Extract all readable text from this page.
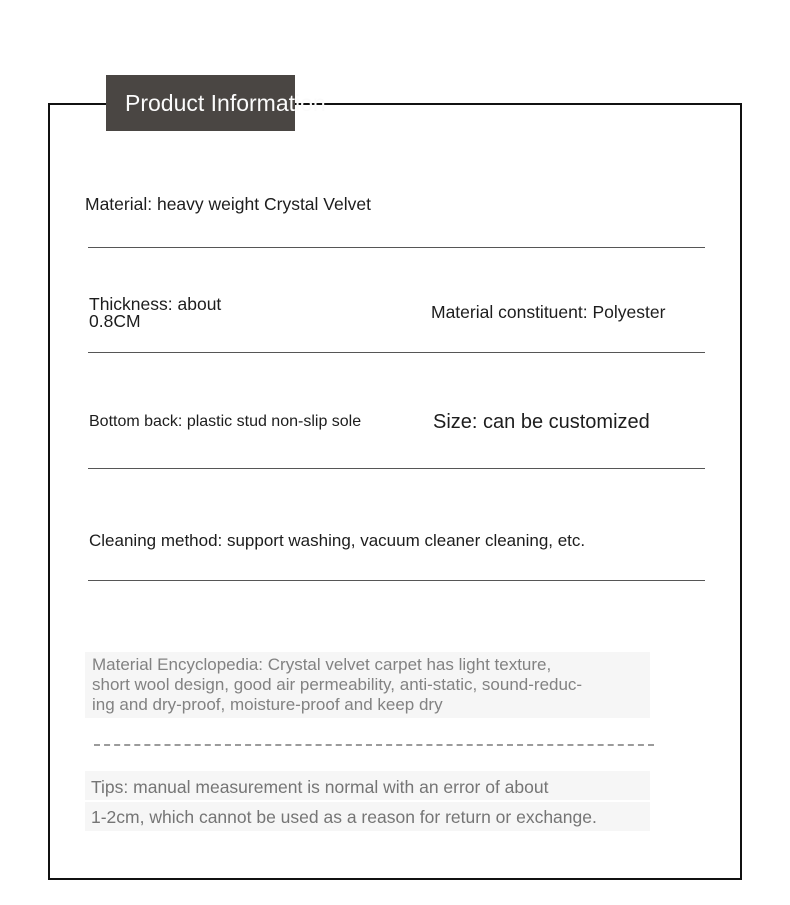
Product Information
Material: heavy weight Crystal Velvet
Thickness: about
0.8CM	Material constituent: Polyester
Bottom back: plastic stud non-slip sole	Size: can be customized
Cleaning method: support washing, vacuum cleaner cleaning, etc.
Material Encyclopedia: Crystal velvet carpet has light texture,
short wool design, good air permeability, anti-static, sound-reduc-
ing and dry-proof, moisture-proof and keep dry
Tips: manual measurement is normal with an error of about
1-2cm, which cannot be used as a reason for return or exchange.
